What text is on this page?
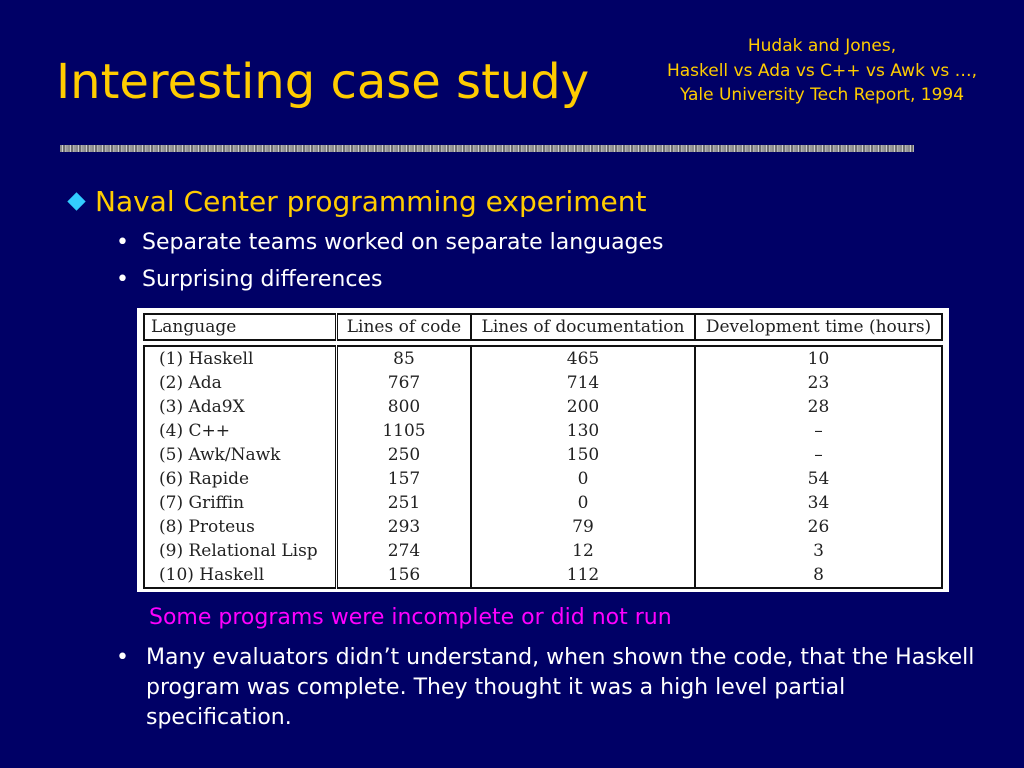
Interesting case study
Hudak and Jones,
Haskell vs Ada vs C++ vs Awk vs …,
Yale University Tech Report, 1994
Naval Center programming experiment
• Separate teams worked on separate languages
• Surprising differences
Language	Lines of code	Lines of documentation	Development time (hours)

(1) Haskell	85	465	10
(2) Ada	767	714	23
(3) Ada9X	800	200	28
(4) C++	1105	130	–
(5) Awk/Nawk	250	150	–
(6) Rapide	157	0	54
(7) Griffin	251	0	34
(8) Proteus	293	79	26
(9) Relational Lisp	274	12	3
(10) Haskell	156	112	8
Some programs were incomplete or did not run
• Many evaluators didn’t understand, when shown the code, that the Haskell program was complete. They thought it was a high level partial specification.
